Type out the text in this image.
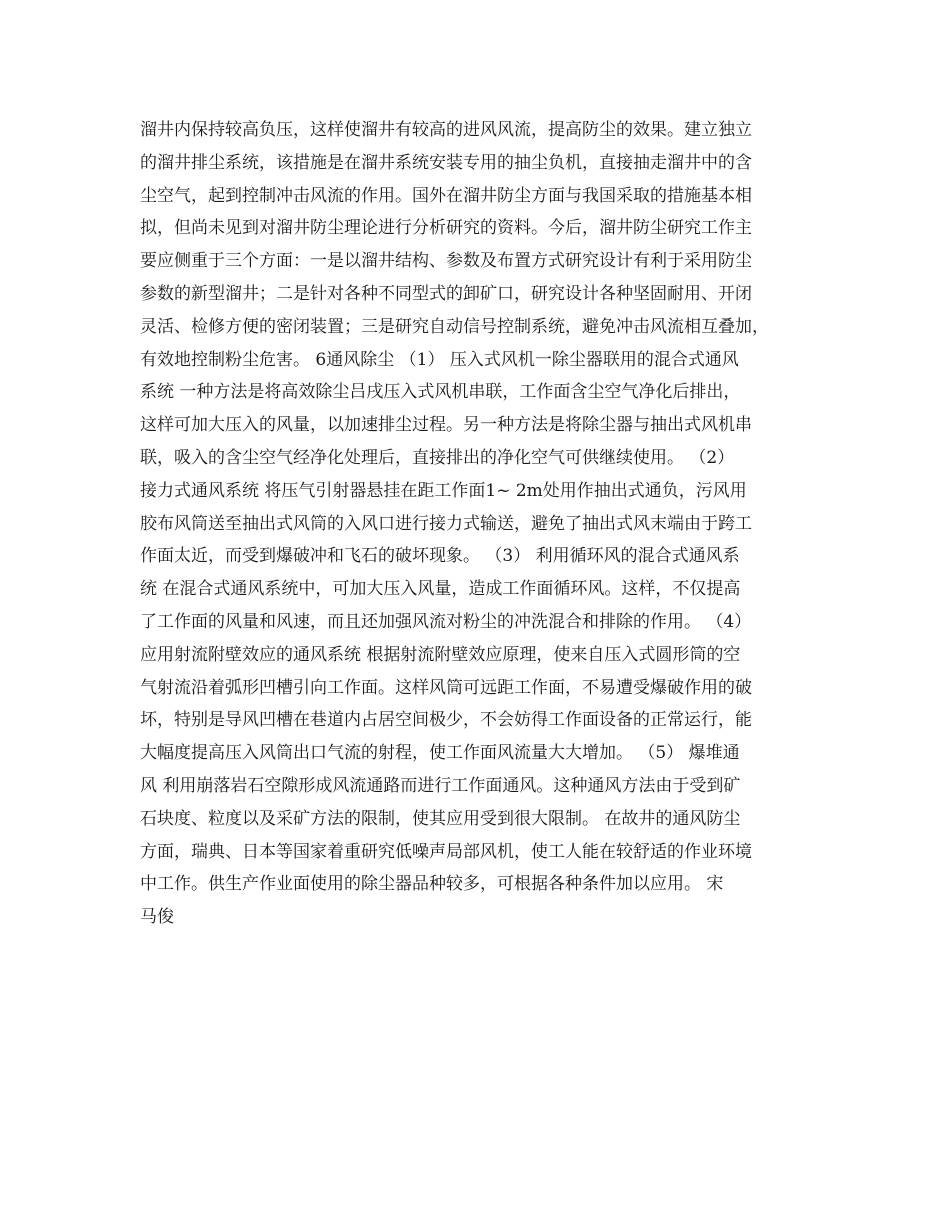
溜井内保持较高负压，这样使溜井有较高的进风风流，提高防尘的效果。建立独立
的溜井排尘系统，该措施是在溜井系统安装专用的抽尘负机，直接抽走溜井中的含
尘空气，起到控制冲击风流的作用。国外在溜井防尘方面与我国采取的措施基本相
拟，但尚未见到对溜井防尘理论进行分析研究的资料。今后，溜井防尘研究工作主
要应侧重于三个方面：一是以溜井结构、参数及布置方式研究设计有利于采用防尘
参数的新型溜井；二是针对各种不同型式的卸矿口，研究设计各种坚固耐用、开闭
灵活、检修方便的密闭装置；三是研究自动信号控制系统，避免冲击风流相互叠加，
有效地控制粉尘危害。 6通风除尘 （1） 压入式风机一除尘器联用的混合式通风
系统 一种方法是将高效除尘吕戌压入式风机串联，工作面含尘空气净化后排出，
这样可加大压入的风量，以加速排尘过程。另一种方法是将除尘器与抽出式风机串
联，吸入的含尘空气经净化处理后，直接排出的净化空气可供继续使用。 （2）
接力式通风系统 将压气引射器悬挂在距工作面1~ 2m处用作抽出式通负，污风用
胶布风筒送至抽出式风筒的入风口进行接力式输送，避免了抽出式风末端由于跨工
作面太近，而受到爆破冲和飞石的破坏现象。 （3） 利用循环风的混合式通风系
统 在混合式通风系统中，可加大压入风量，造成工作面循环风。这样，不仅提高
了工作面的风量和风速，而且还加强风流对粉尘的冲洗混合和排除的作用。 （4）
应用射流附壁效应的通风系统 根据射流附壁效应原理，使来自压入式圆形筒的空
气射流沿着弧形凹槽引向工作面。这样风筒可远距工作面，不易遭受爆破作用的破
坏，特别是导风凹槽在巷道内占居空间极少，不会妨得工作面设备的正常运行，能
大幅度提高压入风筒出口气流的射程，使工作面风流量大大增加。 （5） 爆堆通
风 利用崩落岩石空隙形成风流通路而进行工作面通风。这种通风方法由于受到矿
石块度、粒度以及采矿方法的限制，使其应用受到很大限制。 在故井的通风防尘
方面，瑞典、日本等国家着重研究低噪声局部风机，使工人能在较舒适的作业环境
中工作。供生产作业面使用的除尘器品种较多，可根据各种条件加以应用。 宋
马俊
